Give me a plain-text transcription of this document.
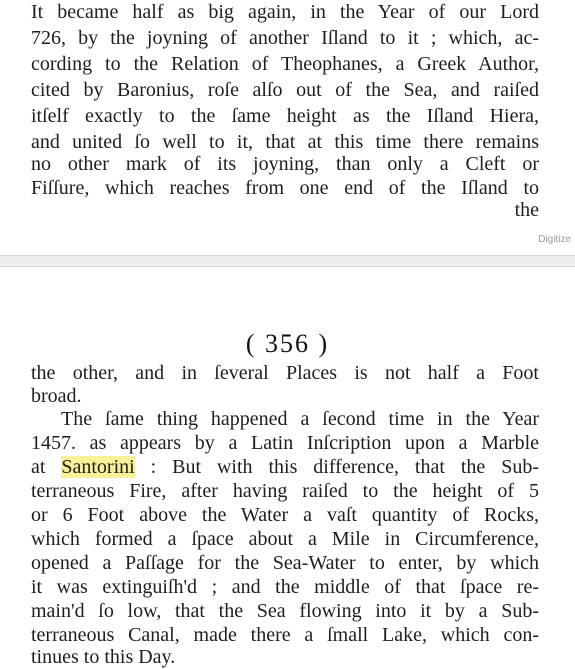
It became half as big again, in the Year of our Lord
726, by the joyning of another Iſland to it ; which, ac-
cording to the Relation of Theophanes, a Greek Author,
cited by Baronius, roſe alſo out of the Sea, and raiſed
itſelf exactly to the ſame height as the Iſland Hiera,
and united ſo well to it, that at this time there remains
no other mark of its joyning, than only a Cleft or
Fiſſure, which reaches from one end of the Iſland to
the
Digitize
( 356 )
the other, and in ſeveral Places is not half a Foot
broad.
The ſame thing happened a ſecond time in the Year
1457. as appears by a Latin Inſcription upon a Marble
at Santorini : But with this difference, that the Sub-
terraneous Fire, after having raiſed to the height of 5
or 6 Foot above the Water a vaſt quantity of Rocks,
which formed a ſpace about a Mile in Circumference,
opened a Paſſage for the Sea-Water to enter, by which
it was extinguiſh'd ; and the middle of that ſpace re-
main'd ſo low, that the Sea flowing into it by a Sub-
terraneous Canal, made there a ſmall Lake, which con-
tinues to this Day.
